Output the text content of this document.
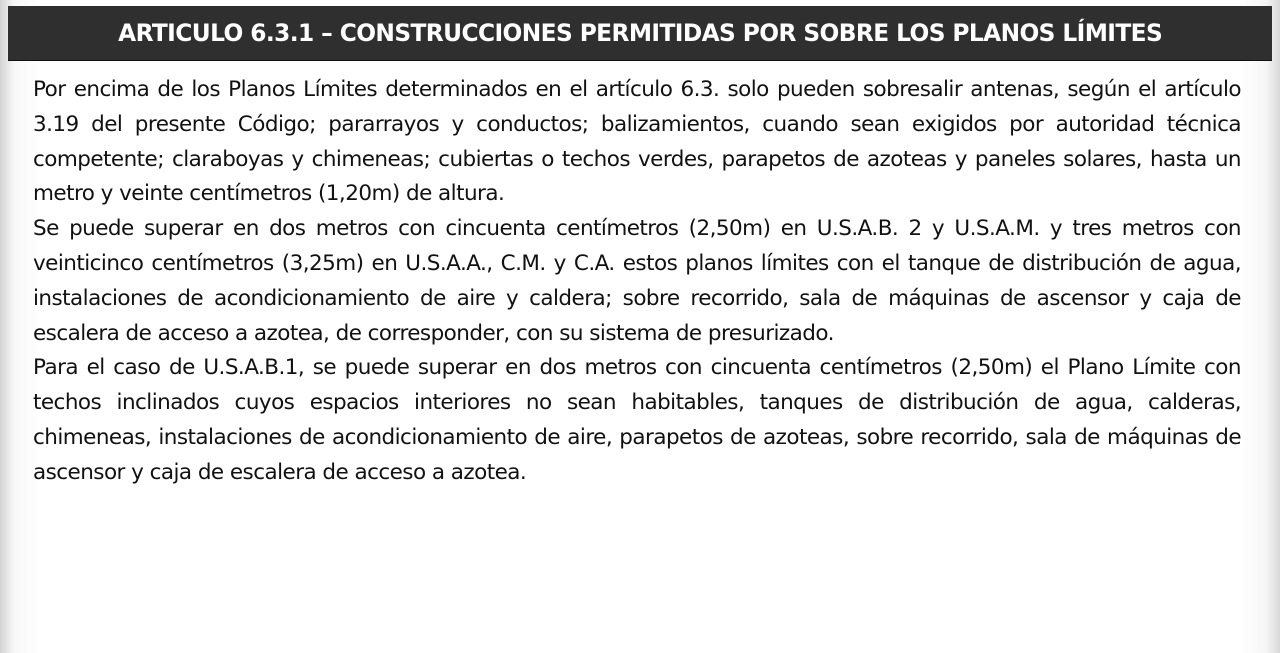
ARTICULO 6.3.1 – CONSTRUCCIONES PERMITIDAS POR SOBRE LOS PLANOS LÍMITES

Por encima de los Planos Límites determinados en el artículo 6.3. solo pueden sobresalir antenas, según el artículo 3.19 del presente Código; pararrayos y conductos; balizamientos, cuando sean exigidos por autoridad técnica competente; claraboyas y chimeneas; cubiertas o techos verdes, parapetos de azoteas y paneles solares, hasta un metro y veinte centímetros (1,20m) de altura.

Se puede superar en dos metros con cincuenta centímetros (2,50m) en U.S.A.B. 2 y U.S.A.M. y tres metros con veinticinco centímetros (3,25m) en U.S.A.A., C.M. y C.A. estos planos límites con el tanque de distribución de agua, instalaciones de acondicionamiento de aire y caldera; sobre recorrido, sala de máquinas de ascensor y caja de escalera de acceso a azotea, de corresponder, con su sistema de presurizado.

Para el caso de U.S.A.B.1, se puede superar en dos metros con cincuenta centímetros (2,50m) el Plano Límite con techos inclinados cuyos espacios interiores no sean habitables, tanques de distribución de agua, calderas, chimeneas, instalaciones de acondicionamiento de aire, parapetos de azoteas, sobre recorrido, sala de máquinas de ascensor y caja de escalera de acceso a azotea.
